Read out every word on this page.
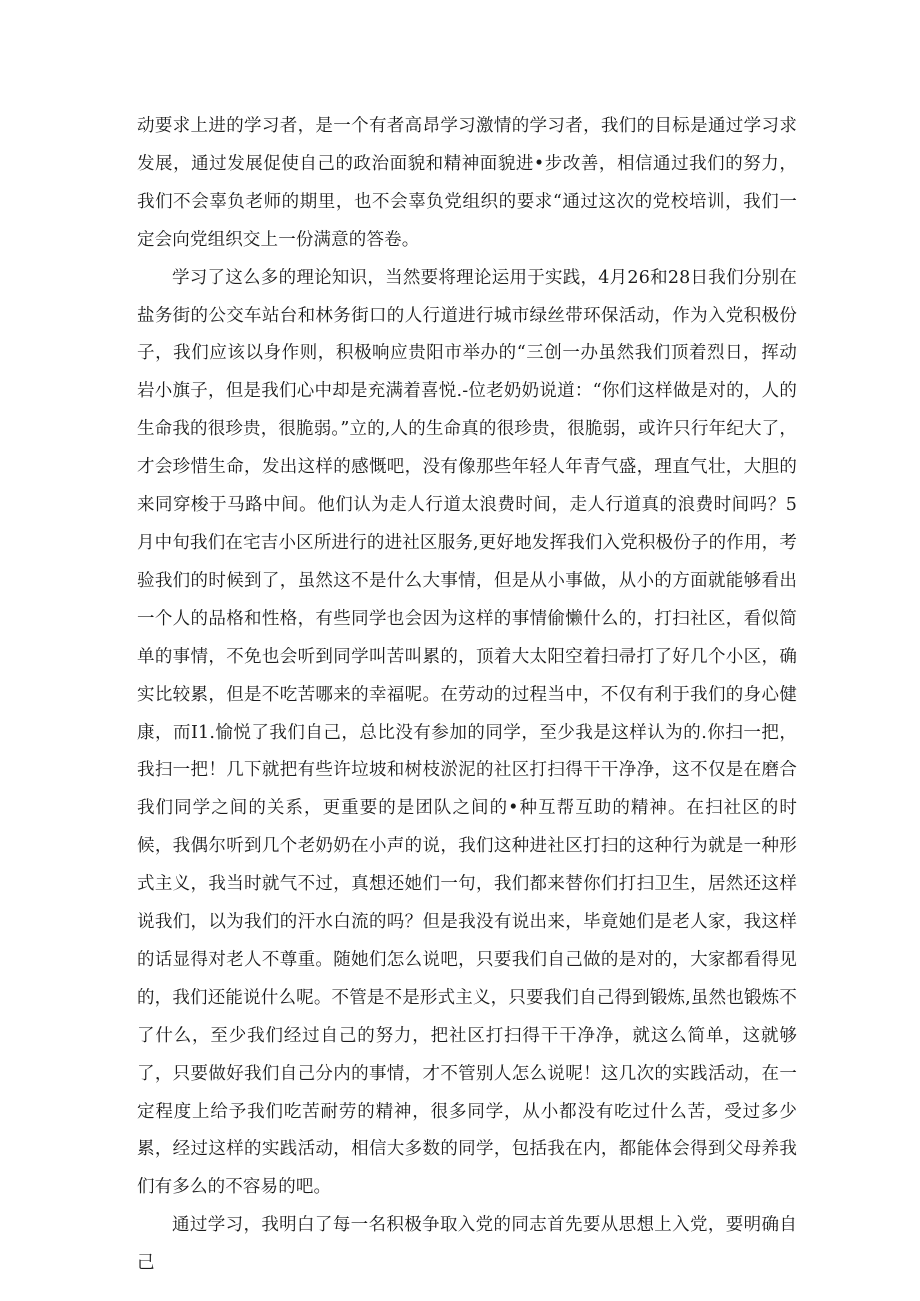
动要求上进的学习者，是一个有者高昂学习激情的学习者，我们的目标是通过学习求发展，通过发展促使自己的政治面貌和精神面貌进•步改善，相信通过我们的努力，我们不会辜负老师的期里，也不会辜负党组织的要求“通过这次的党校培训，我们一定会向党组织交上一份满意的答卷。

学习了这么多的理论知识，当然要将理论运用于实践，4月26和28日我们分别在盐务街的公交车站台和林务街口的人行道进行城市绿丝带环保活动，作为入党积极份子，我们应该以身作则，积极响应贵阳市举办的“三创一办虽然我们顶着烈日，挥动岩小旗子，但是我们心中却是充满着喜悦.-位老奶奶说道：“你们这样做是对的，人的生命我的很珍贵，很脆弱。”立的,人的生命真的很珍贵，很脆弱，或许只行年纪大了，才会珍惜生命，发出这样的感慨吧，没有像那些年轻人年青气盛，理直气壮，大胆的来同穿梭于马路中间。他们认为走人行道太浪费时间，走人行道真的浪费时间吗？5月中旬我们在宅吉小区所进行的进社区服务,更好地发挥我们入党积极份子的作用，考验我们的时候到了，虽然这不是什么大事情，但是从小事做，从小的方面就能够看出一个人的品格和性格，有些同学也会因为这样的事情偷懒什么的，打扫社区，看似简单的事情，不免也会听到同学叫苦叫累的，顶着大太阳空着扫帚打了好几个小区，确实比较累，但是不吃苦哪来的幸福呢。在劳动的过程当中，不仅有利于我们的身心健康，而I1.愉悦了我们自己，总比没有参加的同学，至少我是这样认为的.你扫一把，我扫一把！几下就把有些许垃坡和树枝淤泥的社区打扫得干干净净，这不仅是在磨合我们同学之间的关系，更重要的是团队之间的•种互帮互助的精神。在扫社区的时候，我偶尔听到几个老奶奶在小声的说，我们这种进社区打扫的这种行为就是一种形式主义，我当时就气不过，真想还她们一句，我们都来替你们打扫卫生，居然还这样说我们，以为我们的汗水白流的吗？但是我没有说出来，毕竟她们是老人家，我这样的话显得对老人不尊重。随她们怎么说吧，只要我们自己做的是对的，大家都看得见的，我们还能说什么呢。不管是不是形式主义，只要我们自己得到锻炼,虽然也锻炼不了什么，至少我们经过自己的努力，把社区打扫得干干净净，就这么简单，这就够了，只要做好我们自己分内的事情，才不管别人怎么说呢！这几次的实践活动，在一定程度上给予我们吃苦耐劳的精神，很多同学，从小都没有吃过什么苦，受过多少累，经过这样的实践活动，相信大多数的同学，包括我在内，都能体会得到父母养我们有多么的不容易的吧。

通过学习，我明白了每一名积极争取入党的同志首先要从思想上入党，要明确自己
